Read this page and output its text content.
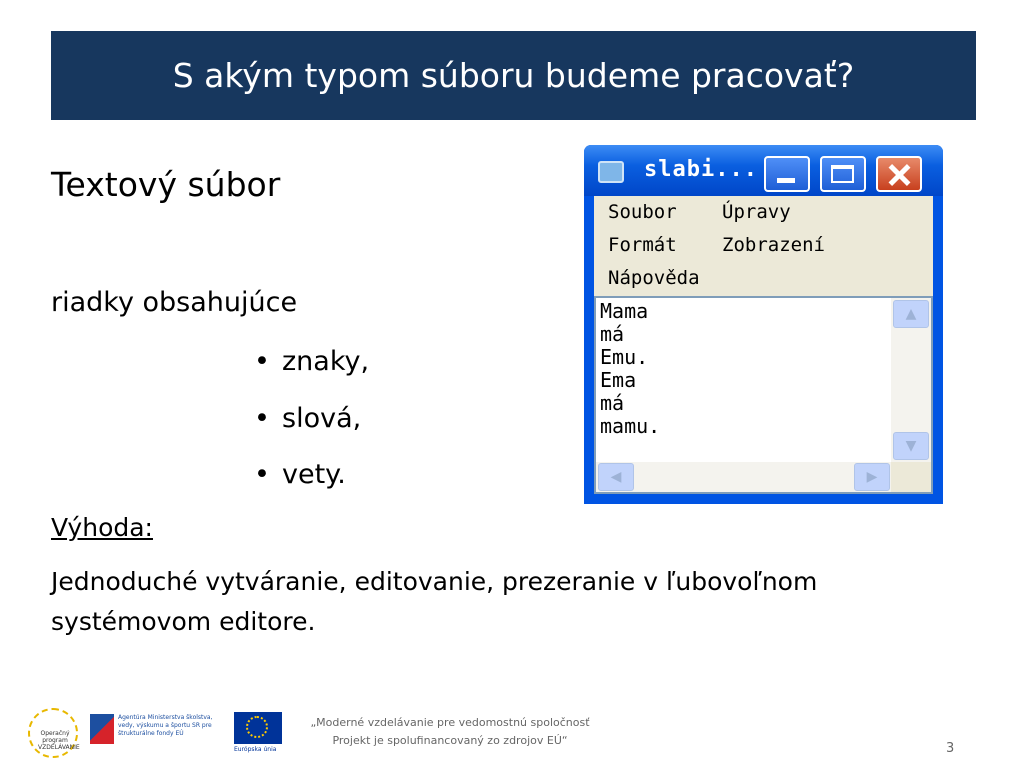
S akým typom súboru budeme pracovať?
Textový súbor
riadky obsahujúce
• znaky,
• slová,
• vety.
Výhoda:
Jednoduché vytváranie, editovanie, prezeranie v ľubovoľnom systémovom editore.
slabi...
Soubor Úpravy
Formát Zobrazení
Nápověda
Mama
má
Emu.
Ema
má
mamu.
▲
▼
◀	▶
Operačný program VZDELÁVANIE
Agentúra Ministerstva školstva, vedy, výskumu a športu SR pre štrukturálne fondy EÚ
Európska únia
„Moderné vzdelávanie pre vedomostnú spoločnosť
Projekt je spolufinancovaný zo zdrojov EÚ“
3
